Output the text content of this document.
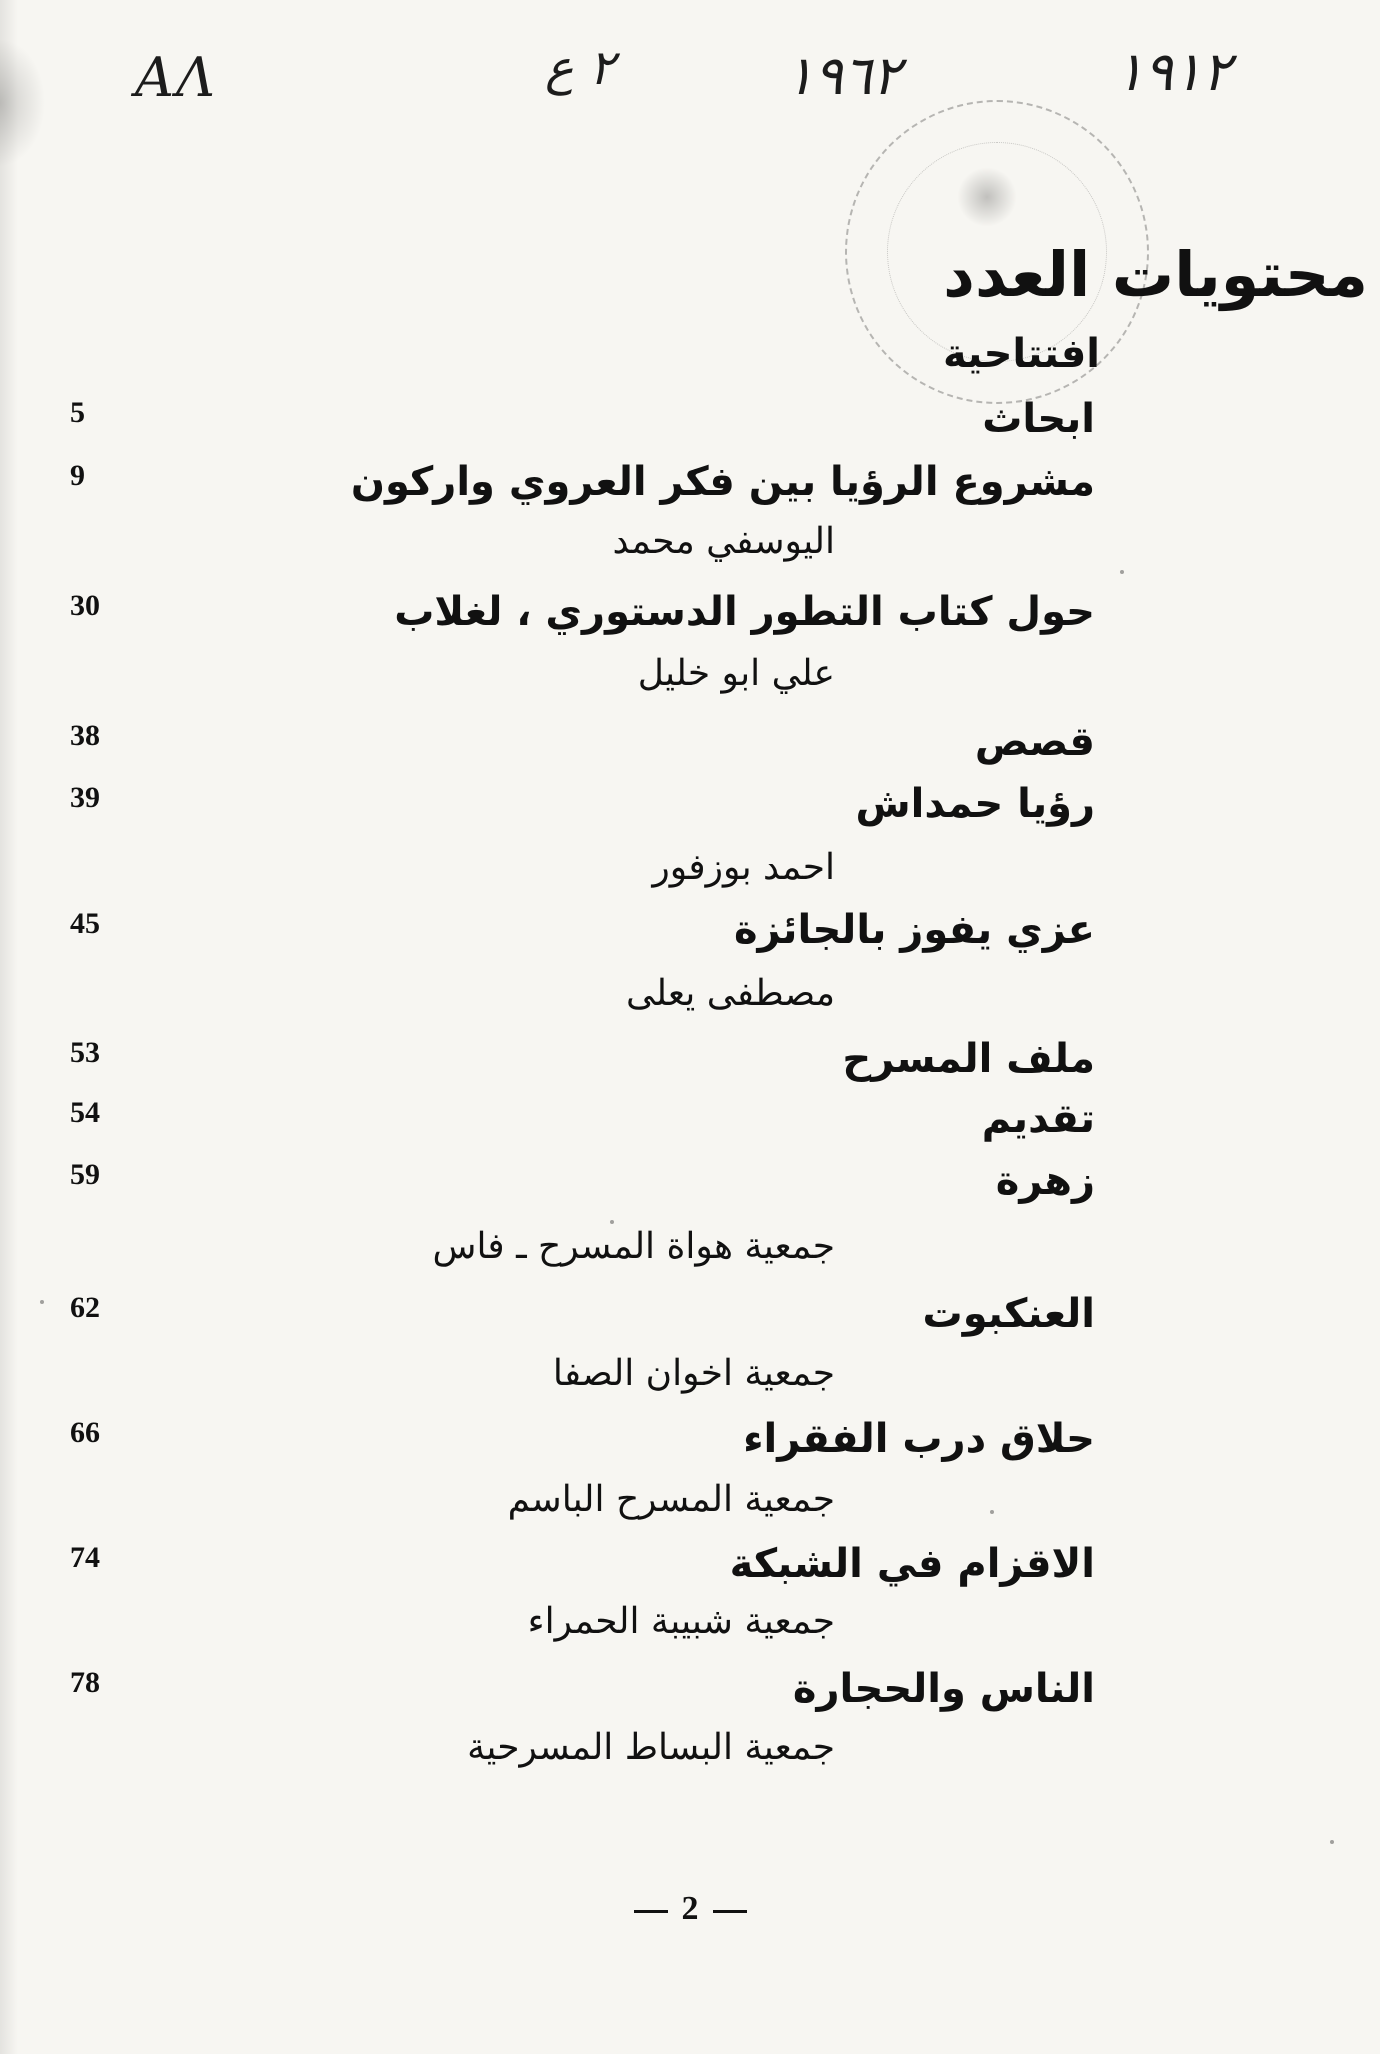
AΛ	٢ ع	١٩٦٢	١٩١٢
محتويات العدد
افتتاحية
5	ابحاث
9	مشروع الرؤيا بين فكر العروي واركون
اليوسفي محمد
30	حول كتاب التطور الدستوري ، لغلاب
علي ابو خليل
38	قصص
39	رؤيا حمداش
احمد بوزفور
45	عزي يفوز بالجائزة
مصطفى يعلى
53	ملف المسرح
54	تقديم
59	زهرة
جمعية هواة المسرح ـ فاس
62	العنكبوت
جمعية اخوان الصفا
66	حلاق درب الفقراء
جمعية المسرح الباسم
74	الاقزام في الشبكة
جمعية شبيبة الحمراء
78	الناس والحجارة
جمعية البساط المسرحية
2
